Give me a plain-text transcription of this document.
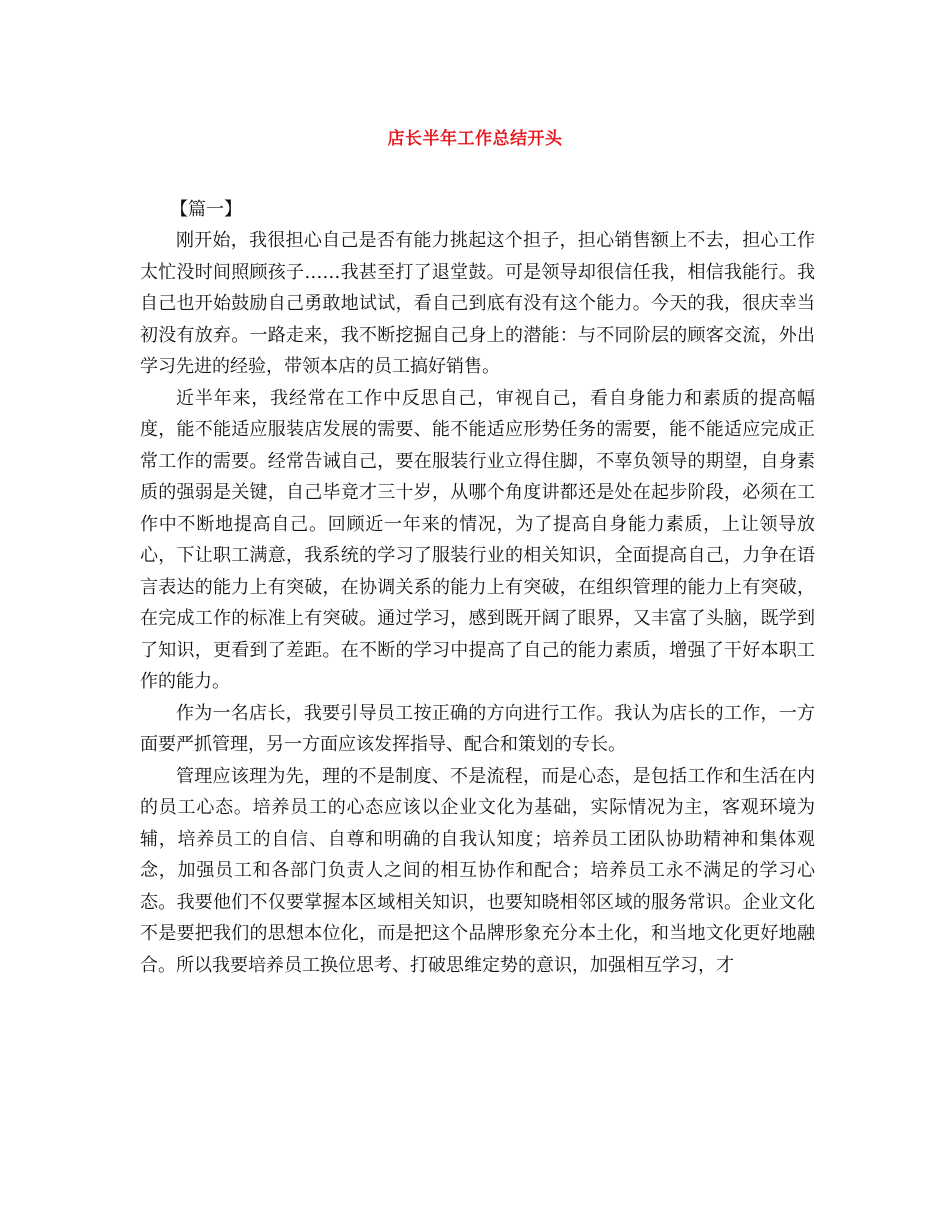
店长半年工作总结开头

【篇一】

刚开始，我很担心自己是否有能力挑起这个担子，担心销售额上不去，担心工作太忙没时间照顾孩子……我甚至打了退堂鼓。可是领导却很信任我，相信我能行。我自己也开始鼓励自己勇敢地试试，看自己到底有没有这个能力。今天的我，很庆幸当初没有放弃。一路走来，我不断挖掘自己身上的潜能：与不同阶层的顾客交流，外出学习先进的经验，带领本店的员工搞好销售。

近半年来，我经常在工作中反思自己，审视自己，看自身能力和素质的提高幅度，能不能适应服装店发展的需要、能不能适应形势任务的需要，能不能适应完成正常工作的需要。经常告诫自己，要在服装行业立得住脚，不辜负领导的期望，自身素质的强弱是关键，自己毕竟才三十岁，从哪个角度讲都还是处在起步阶段，必须在工作中不断地提高自己。回顾近一年来的情况，为了提高自身能力素质，上让领导放心，下让职工满意，我系统的学习了服装行业的相关知识，全面提高自己，力争在语言表达的能力上有突破，在协调关系的能力上有突破，在组织管理的能力上有突破，在完成工作的标准上有突破。通过学习，感到既开阔了眼界，又丰富了头脑，既学到了知识，更看到了差距。在不断的学习中提高了自己的能力素质，增强了干好本职工作的能力。

作为一名店长，我要引导员工按正确的方向进行工作。我认为店长的工作，一方面要严抓管理，另一方面应该发挥指导、配合和策划的专长。

管理应该理为先，理的不是制度、不是流程，而是心态，是包括工作和生活在内的员工心态。培养员工的心态应该以企业文化为基础，实际情况为主，客观环境为辅，培养员工的自信、自尊和明确的自我认知度；培养员工团队协助精神和集体观念，加强员工和各部门负责人之间的相互协作和配合；培养员工永不满足的学习心态。我要他们不仅要掌握本区域相关知识，也要知晓相邻区域的服务常识。企业文化不是要把我们的思想本位化，而是把这个品牌形象充分本土化，和当地文化更好地融合。所以我要培养员工换位思考、打破思维定势的意识，加强相互学习，才
